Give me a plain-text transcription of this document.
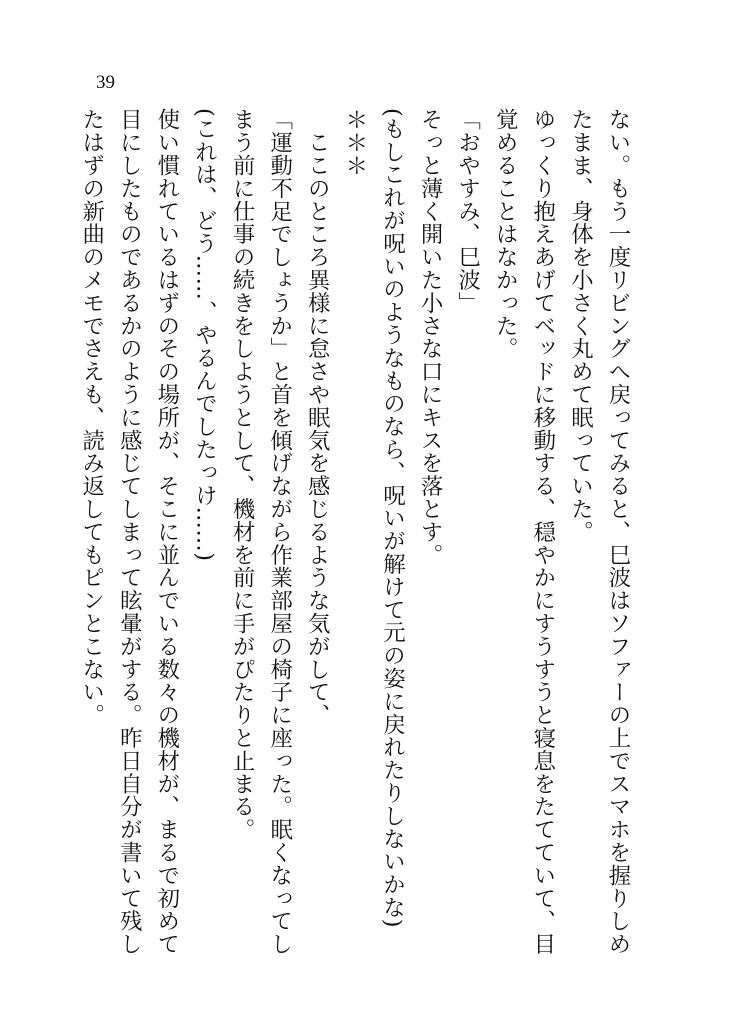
39
ない。もう一度リビングへ戻ってみると、巳波はソファーの上でスマホを握りしめ
たまま、身体を小さく丸めて眠っていた。
ゆっくり抱えあげてベッドに移動する、穏やかにすうすうと寝息をたてていて、目
覚めることはなかった。
「おやすみ、巳波」
そっと薄く開いた小さな口にキスを落とす。
(もしこれが呪いのようなものなら、呪いが解けて元の姿に戻れたりしないかな)
＊＊＊
　ここのところ異様に怠さや眠気を感じるような気がして、
「運動不足でしょうか」と首を傾げながら作業部屋の椅子に座った。眠くなってし
まう前に仕事の続きをしようとして、機材を前に手がぴたりと止まる。
(これは、どう……、やるんでしたっけ……)
使い慣れているはずのその場所が、そこに並んでいる数々の機材が、まるで初めて
目にしたものであるかのように感じてしまって眩暈がする。昨日自分が書いて残し
たはずの新曲のメモでさえも、読み返してもピンとこない。
